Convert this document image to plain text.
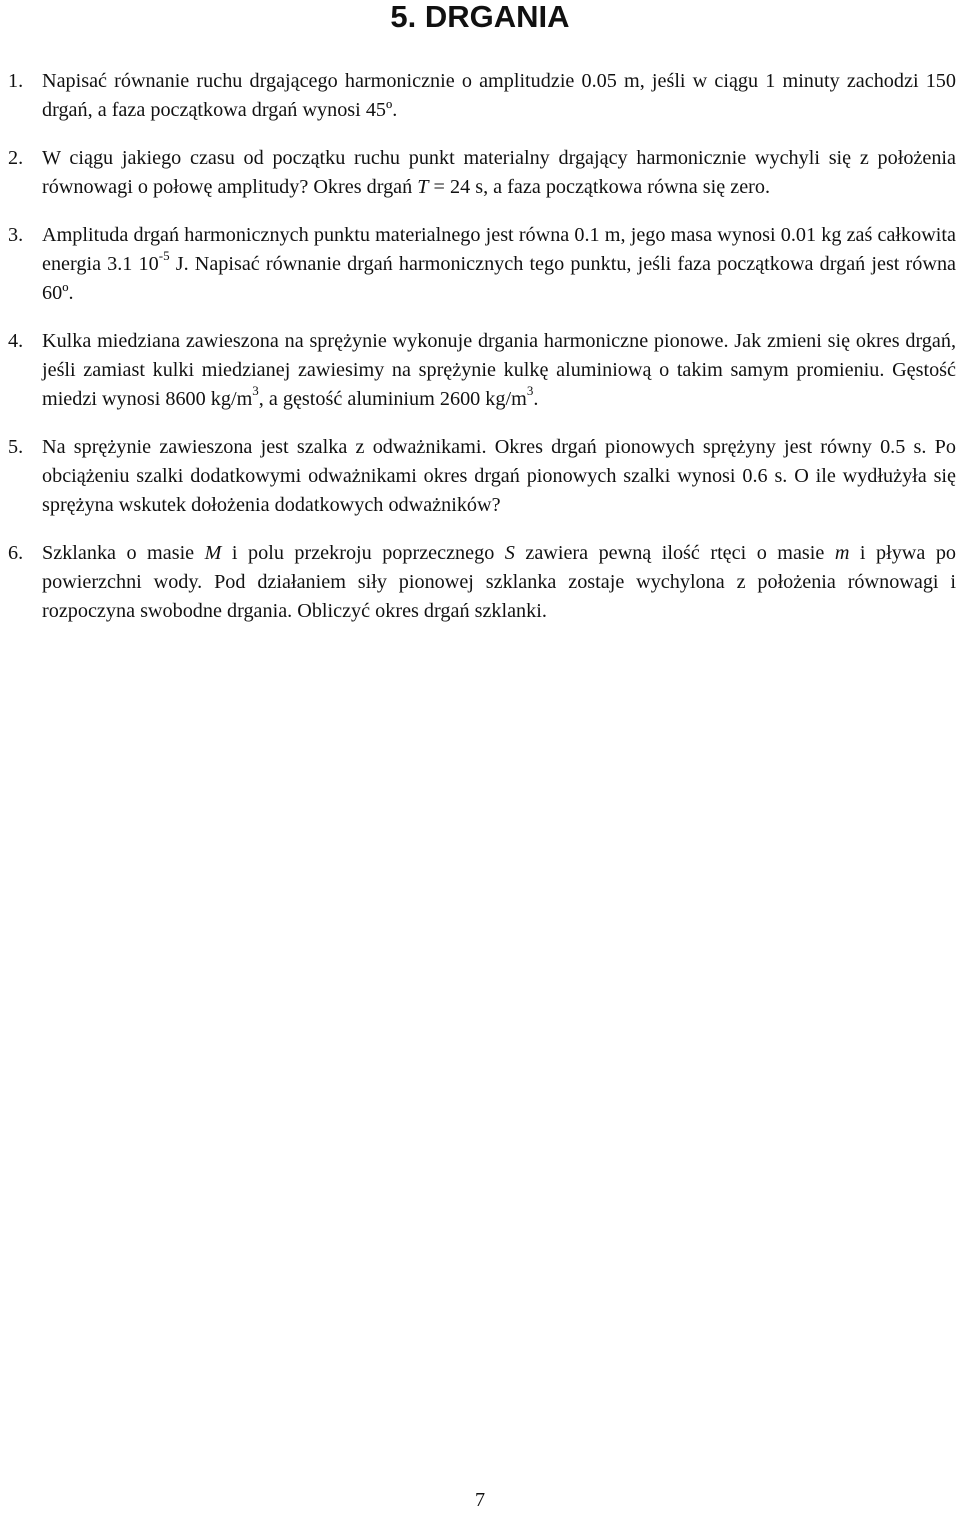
5. DRGANIA
1. Napisać równanie ruchu drgającego harmonicznie o amplitudzie 0.05 m, jeśli w ciągu 1 minuty zachodzi 150 drgań, a faza początkowa drgań wynosi 45º.
2. W ciągu jakiego czasu od początku ruchu punkt materialny drgający harmonicznie wychyli się z położenia równowagi o połowę amplitudy? Okres drgań T = 24 s, a faza początkowa równa się zero.
3. Amplituda drgań harmonicznych punktu materialnego jest równa 0.1 m, jego masa wynosi 0.01 kg zaś całkowita energia 3.1 $10^{-5}$ J. Napisać równanie drgań harmonicznych tego punktu, jeśli faza początkowa drgań jest równa 60º.
4. Kulka miedziana zawieszona na sprężynie wykonuje drgania harmoniczne pionowe. Jak zmieni się okres drgań, jeśli zamiast kulki miedzianej zawiesimy na sprężynie kulkę aluminiową o takim samym promieniu. Gęstość miedzi wynosi 8600 $kg/m^3$, a gęstość aluminium 2600 $kg/m^3$.
5. Na sprężynie zawieszona jest szalka z odważnikami. Okres drgań pionowych sprężyny jest równy 0.5 s. Po obciążeniu szalki dodatkowymi odważnikami okres drgań pionowych szalki wynosi 0.6 s. O ile wydłużyła się sprężyna wskutek dołożenia dodatkowych odważników?
6. Szklanka o masie M i polu przekroju poprzecznego S zawiera pewną ilość rtęci o masie m i pływa po powierzchni wody. Pod działaniem siły pionowej szklanka zostaje wychylona z położenia równowagi i rozpoczyna swobodne drgania. Obliczyć okres drgań szklanki.
7
